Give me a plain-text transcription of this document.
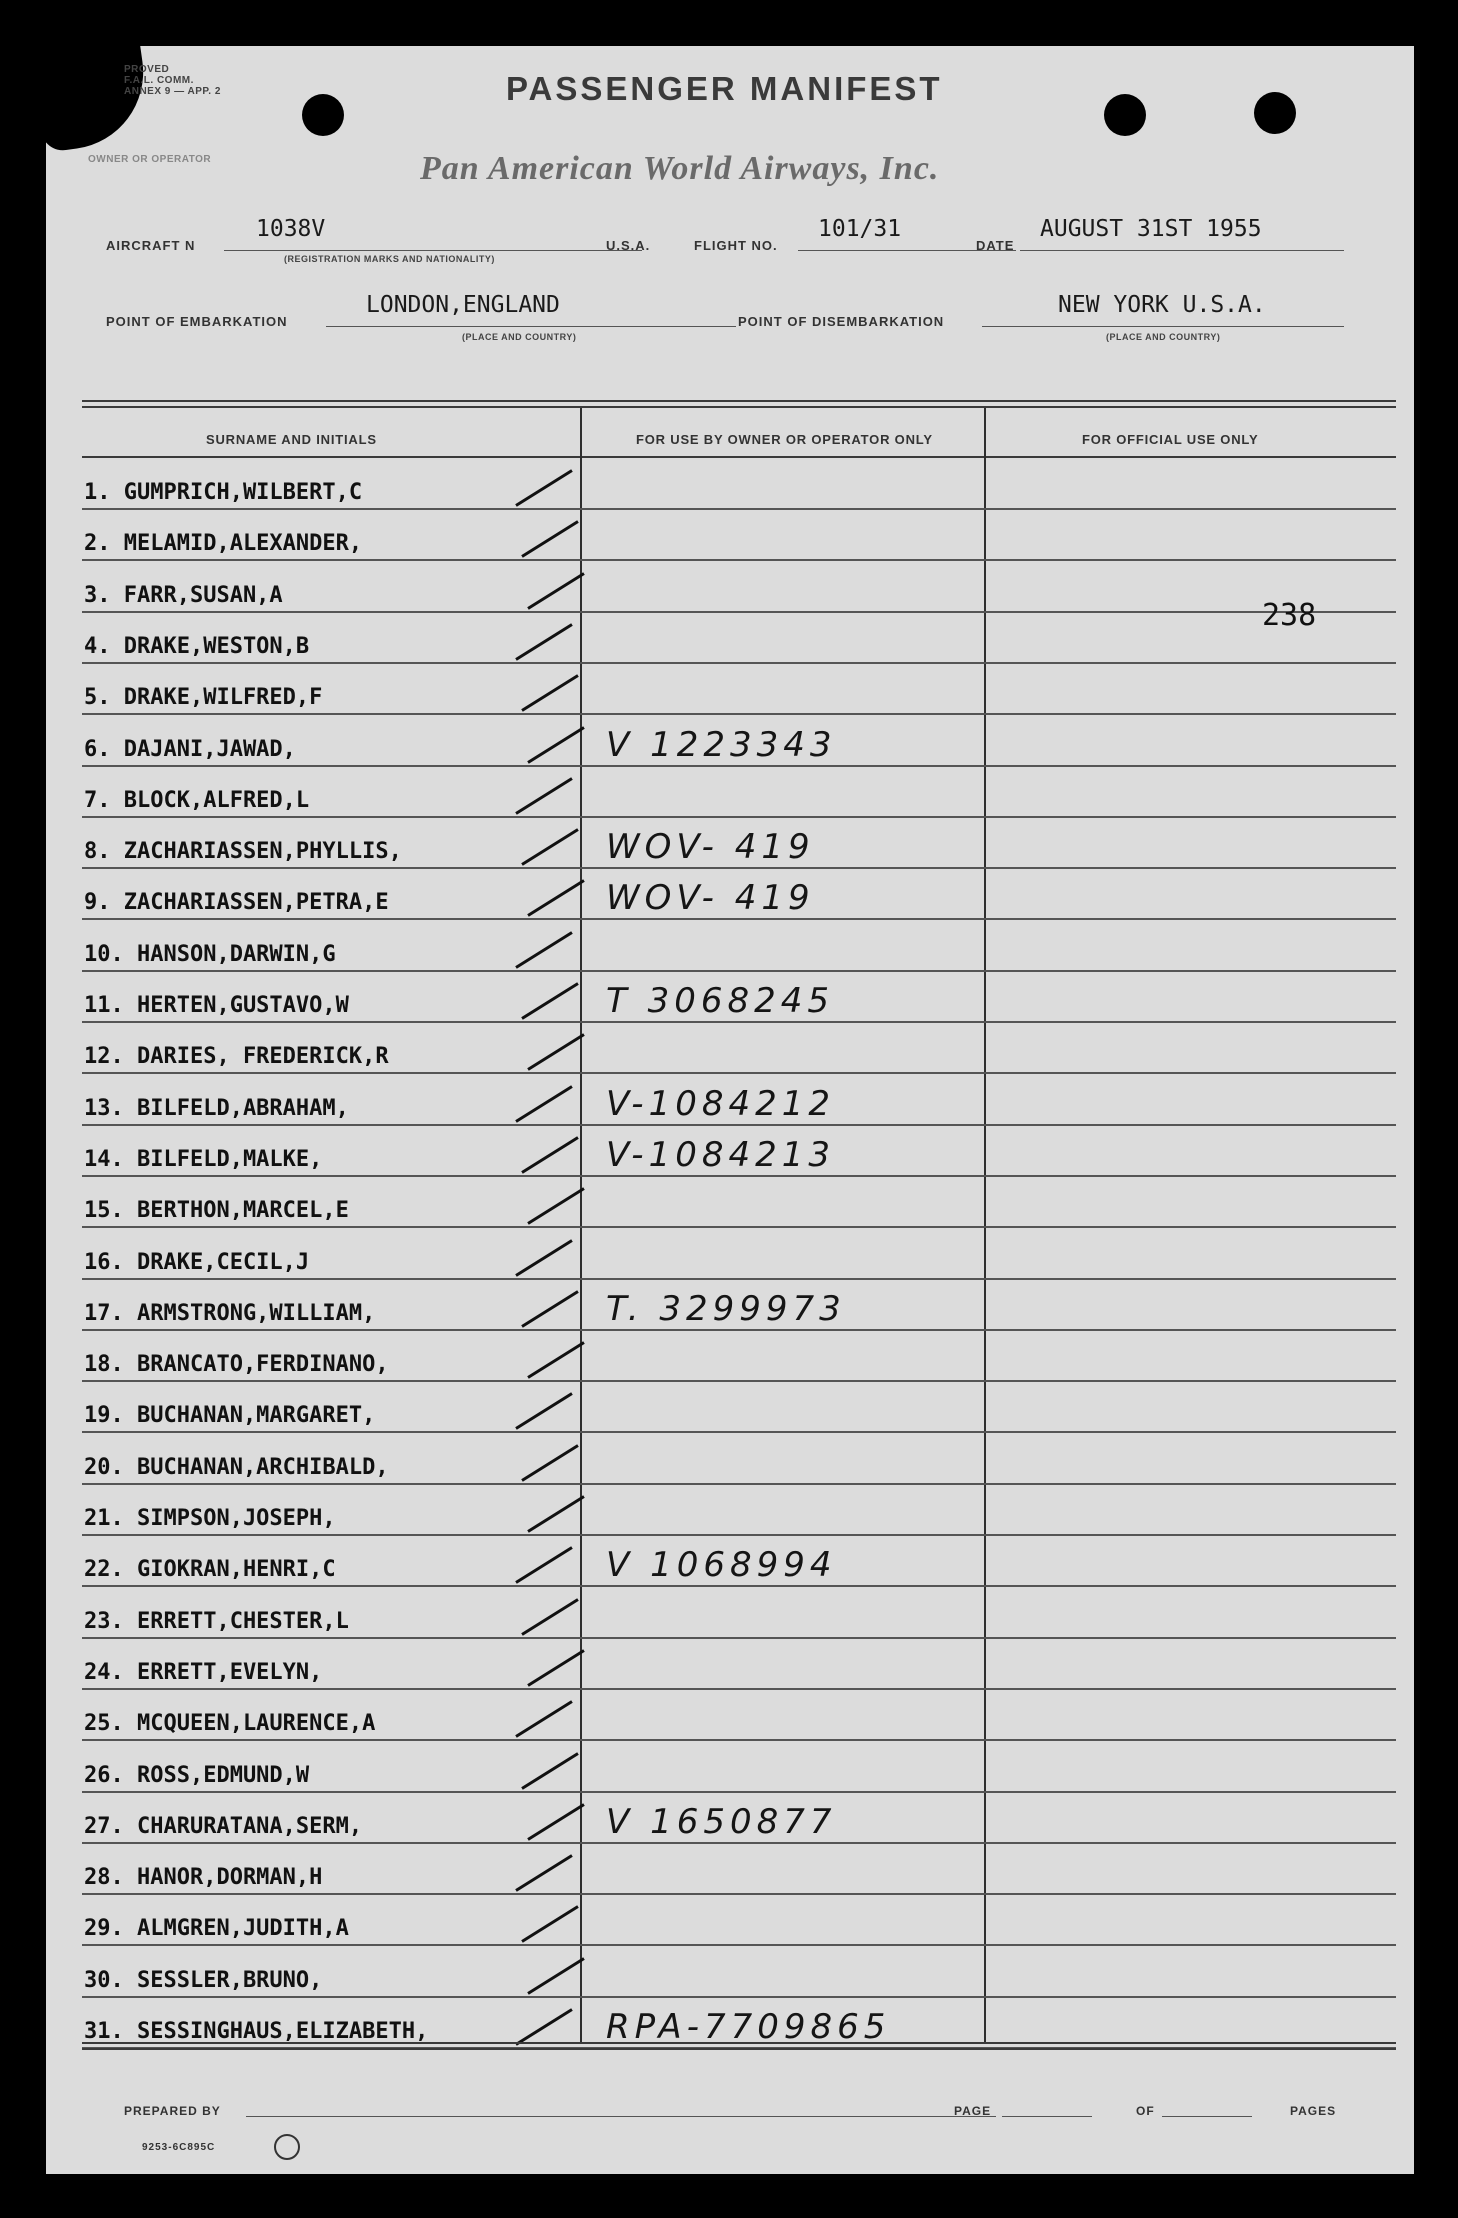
PROVED
F.A.L. COMM.
ANNEX 9 — APP. 2
OWNER OR OPERATOR
PASSENGER MANIFEST
Pan American World Airways, Inc.
AIRCRAFT N
1038V
(REGISTRATION MARKS AND NATIONALITY)
U.S.A.	FLIGHT NO.
101/31
DATE
AUGUST 31ST 1955
POINT OF EMBARKATION
LONDON,ENGLAND
(PLACE AND COUNTRY)
POINT OF DISEMBARKATION
NEW YORK U.S.A.
(PLACE AND COUNTRY)
SURNAME AND INITIALS	FOR USE BY OWNER OR OPERATOR ONLY	FOR OFFICIAL USE ONLY
1. GUMPRICH,WILBERT,C
2. MELAMID,ALEXANDER,
3. FARR,SUSAN,A
4. DRAKE,WESTON,B
5. DRAKE,WILFRED,F
6. DAJANI,JAWAD,	V 1223343
7. BLOCK,ALFRED,L
8. ZACHARIASSEN,PHYLLIS,	WOV- 419
9. ZACHARIASSEN,PETRA,E	WOV- 419
10. HANSON,DARWIN,G
11. HERTEN,GUSTAVO,W	T 3068245
12. DARIES, FREDERICK,R
13. BILFELD,ABRAHAM,	V-1084212
14. BILFELD,MALKE,	V-1084213
15. BERTHON,MARCEL,E
16. DRAKE,CECIL,J
17. ARMSTRONG,WILLIAM,	T. 3299973
18. BRANCATO,FERDINANO,
19. BUCHANAN,MARGARET,
20. BUCHANAN,ARCHIBALD,
21. SIMPSON,JOSEPH,
22. GIOKRAN,HENRI,C	V 1068994
23. ERRETT,CHESTER,L
24. ERRETT,EVELYN,
25. MCQUEEN,LAURENCE,A
26. ROSS,EDMUND,W
27. CHARURATANA,SERM,	V 1650877
28. HANOR,DORMAN,H
29. ALMGREN,JUDITH,A
30. SESSLER,BRUNO,
31. SESSINGHAUS,ELIZABETH,	RPA-7709865
238
PREPARED BY	PAGE	OF	PAGES
9253-6C895C
